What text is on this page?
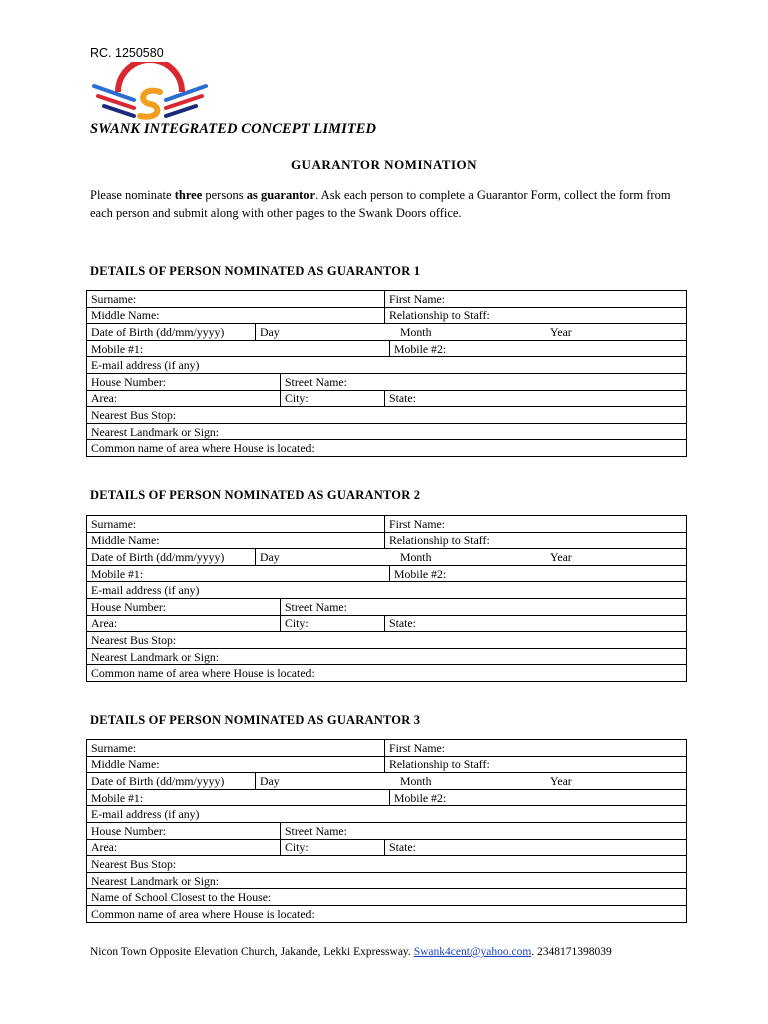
RC. 1250580
SWANK
SWANK INTEGRATED CONCEPT LIMITED
GUARANTOR NOMINATION
Please nominate three persons as guarantor. Ask each person to complete a Guarantor Form, collect the form from each person and submit along with other pages to the Swank Doors office.
DETAILS OF PERSON NOMINATED AS GUARANTOR 1
Surname:			First Name:	
Middle Name:			Relationship to Staff:	
Date of Birth (dd/mm/yyyy)	Day Month Year			
Mobile #1:				Mobile #2:
E-mail address (if any)				
House Number:		Street Name:		
Area:		City:	State:	
Nearest Bus Stop:				
Nearest Landmark or Sign:				
Common name of area where House is located:				
DETAILS OF PERSON NOMINATED AS GUARANTOR 2
Surname:			First Name:	
Middle Name:			Relationship to Staff:	
Date of Birth (dd/mm/yyyy)	Day Month Year			
Mobile #1:				Mobile #2:
E-mail address (if any)				
House Number:		Street Name:		
Area:		City:	State:	
Nearest Bus Stop:				
Nearest Landmark or Sign:				
Common name of area where House is located:				
DETAILS OF PERSON NOMINATED AS GUARANTOR 3
Surname:			First Name:	
Middle Name:			Relationship to Staff:	
Date of Birth (dd/mm/yyyy)	Day Month Year			
Mobile #1:				Mobile #2:
E-mail address (if any)				
House Number:		Street Name:		
Area:		City:	State:	
Nearest Bus Stop:				
Nearest Landmark or Sign:				
Name of School Closest to the House:				
Common name of area where House is located:				
Nicon Town Opposite Elevation Church, Jakande, Lekki Expressway. Swank4cent@yahoo.com. 2348171398039
